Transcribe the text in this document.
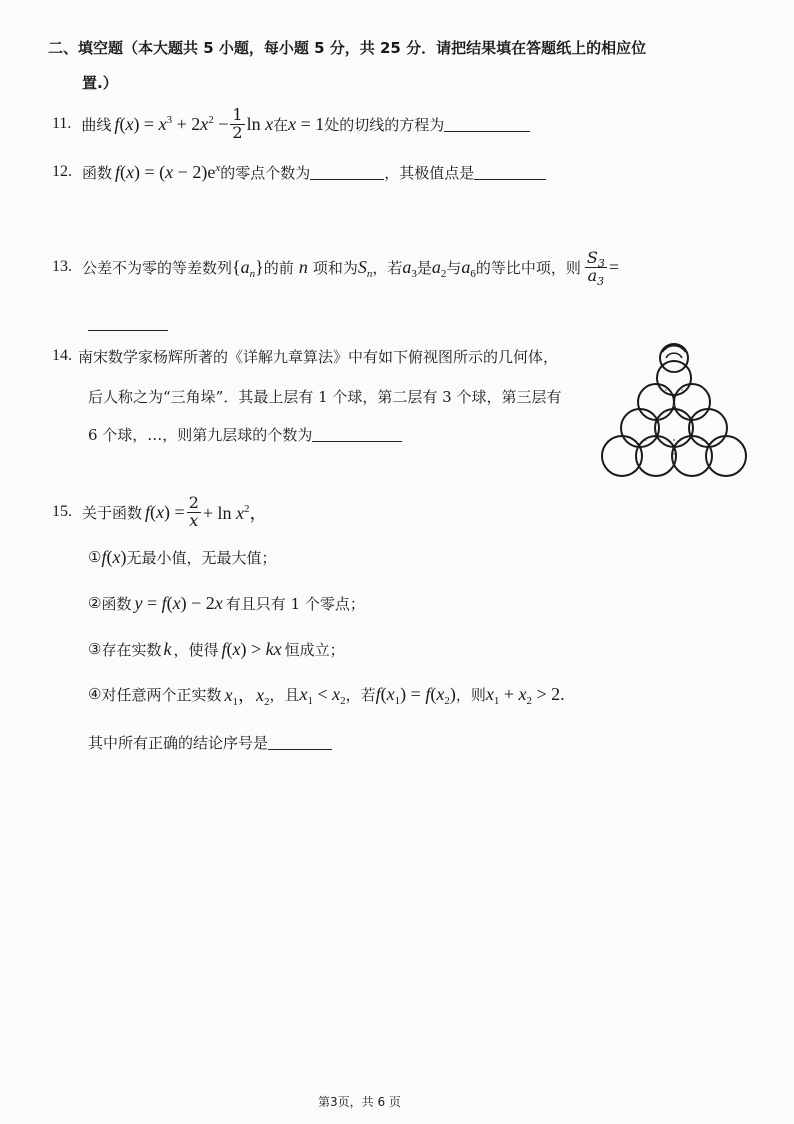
二、填空题（本大题共 5 小题，每小题 5 分，共 25 分．请把结果填在答题纸上的相应位
置.）
11. 曲线 $f(x) = x^3 + 2x^2 - \frac{1}{2}$ ln x 在 x = 1 处的切线的方程为
12. 函数 $f(x) = (x - 2)e^x$ 的零点个数为	，其极值点是
13. 公差不为零的等差数列 $\{a_n\}$ 的前 n 项和为 $S_n$ ，若 $a_3$ 是 $a_2$ 与 $a_6$ 的等比中项，则 $\frac{S_3}{a_3}$ =
14. 南宋数学家杨辉所著的《详解九章算法》中有如下俯视图所示的几何体，
后人称之为“三角垛”．其最上层有 1 个球，第二层有 3 个球，第三层有
6 个球，…，则第九层球的个数为
15. 关于函数 $f(x) = \frac{2}{x} + \ln x^2$，
① f(x) 无最小值，无最大值；
② 函数 y = f(x) − 2x 有且只有 1 个零点；
③ 存在实数 k ，使得 f(x) > kx 恒成立；
④ 对任意两个正实数 $x_1$，$x_2$ ，且 $x_1 < x_2$ ，若 $f(x_1) = f(x_2)$ ，则 $x_1 + x_2 > 2$.
其中所有正确的结论序号是
第3页，共 6 页
